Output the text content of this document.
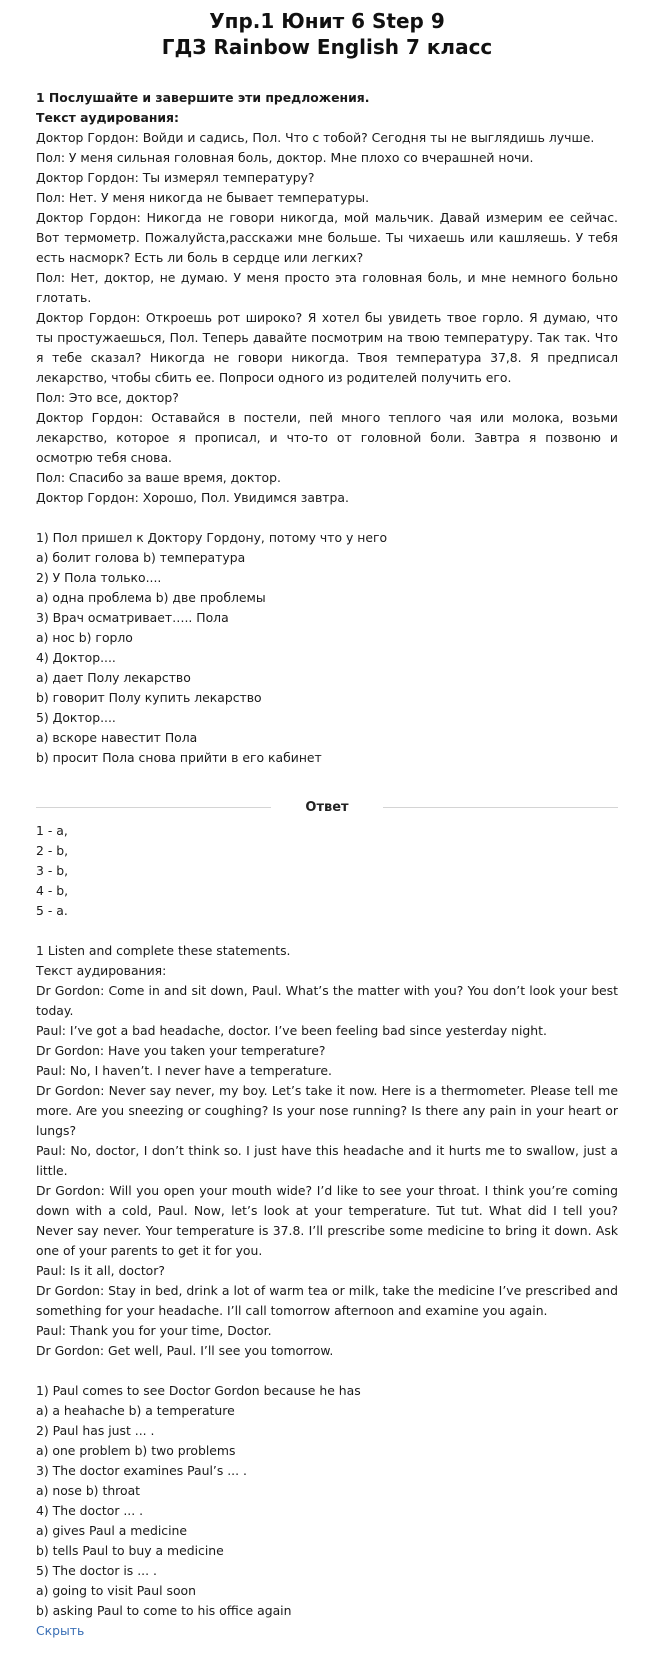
Упр.1 Юнит 6 Step 9
ГДЗ Rainbow English 7 класс
1 Послушайте и завершите эти предложения.
Текст аудирования:
Доктор Гордон: Войди и садись, Пол. Что с тобой? Сегодня ты не выглядишь лучше.
Пол: У меня сильная головная боль, доктор. Мне плохо со вчерашней ночи.
Доктор Гордон: Ты измерял температуру?
Пол: Нет. У меня никогда не бывает температуры.
Доктор Гордон: Никогда не говори никогда, мой мальчик. Давай измерим ее сейчас. Вот термометр. Пожалуйста,расскажи мне больше. Ты чихаешь или кашляешь. У тебя есть насморк? Есть ли боль в сердце или легких?
Пол: Нет, доктор, не думаю. У меня просто эта головная боль, и мне немного больно глотать.
Доктор Гордон: Откроешь рот широко? Я хотел бы увидеть твое горло. Я думаю, что ты простужаешься, Пол. Теперь давайте посмотрим на твою температуру. Так так. Что я тебе сказал? Никогда не говори никогда. Твоя температура 37,8. Я предписал лекарство, чтобы сбить ее. Попроси одного из родителей получить его.
Пол: Это все, доктор?
Доктор Гордон: Оставайся в постели, пей много теплого чая или молока, возьми лекарство, которое я прописал, и что-то от головной боли. Завтра я позвоню и осмотрю тебя снова.
Пол: Спасибо за ваше время, доктор.
Доктор Гордон: Хорошо, Пол. Увидимся завтра.
1) Пол пришел к Доктору Гордону, потому что у него
a) болит голова b) температура
2) У Пола только....
a) одна проблема b) две проблемы
3) Врач осматривает….. Пола
a) нос b) горло
4) Доктор....
a) дает Полу лекарство
b) говорит Полу купить лекарство
5) Доктор....
a) вскоре навестит Пола
b) просит Пола снова прийти в его кабинет
Ответ
1 - a,
2 - b,
3 - b,
4 - b,
5 - a.
1 Listen and complete these statements.
Текст аудирования:
Dr Gordon: Come in and sit down, Paul. What’s the matter with you? You don’t look your best today.
Paul: I’ve got a bad headache, doctor. I’ve been feeling bad since yesterday night.
Dr Gordon: Have you taken your temperature?
Paul: No, I haven’t. I never have a temperature.
Dr Gordon: Never say never, my boy. Let’s take it now. Here is a thermometer. Please tell me more. Are you sneezing or coughing? Is your nose running? Is there any pain in your heart or lungs?
Paul: No, doctor, I don’t think so. I just have this headache and it hurts me to swallow, just a little.
Dr Gordon: Will you open your mouth wide? I’d like to see your throat. I think you’re coming down with a cold, Paul. Now, let’s look at your temperature. Tut tut. What did I tell you? Never say never. Your temperature is 37.8. I’ll prescribe some medicine to bring it down. Ask one of your parents to get it for you.
Paul: Is it all, doctor?
Dr Gordon: Stay in bed, drink a lot of warm tea or milk, take the medicine I’ve prescribed and something for your headache. I’ll call tomorrow afternoon and examine you again.
Paul: Thank you for your time, Doctor.
Dr Gordon: Get well, Paul. I’ll see you tomorrow.
1) Paul comes to see Doctor Gordon because he has
a) a heahache b) a temperature
2) Paul has just ... .
a) one problem b) two problems
3) The doctor examines Paul’s ... .
a) nose b) throat
4) The doctor ... .
a) gives Paul a medicine
b) tells Paul to buy a medicine
5) The doctor is ... .
a) going to visit Paul soon
b) asking Paul to come to his office again
Скрыть
